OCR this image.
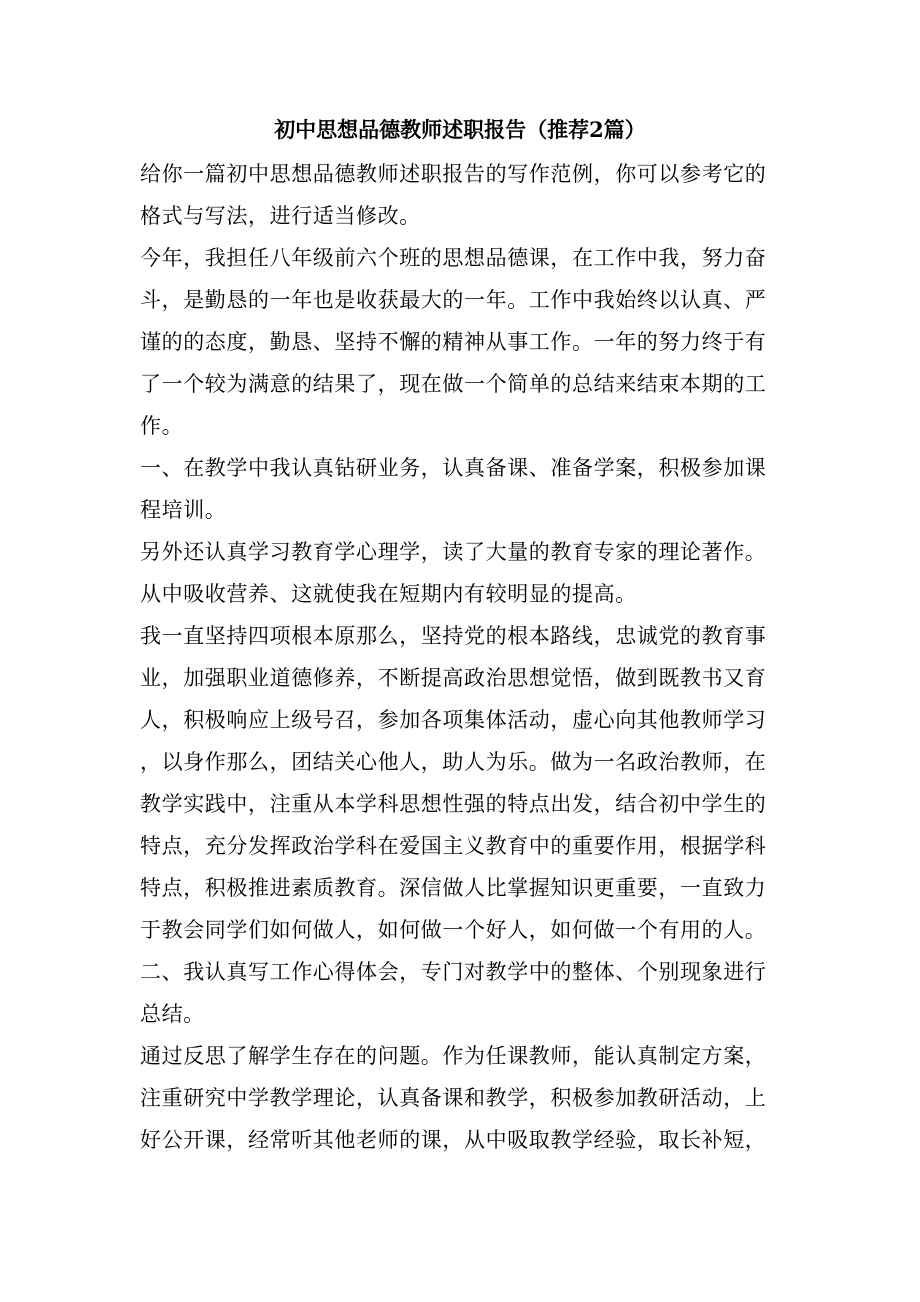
初中思想品德教师述职报告（推荐2篇）
给你一篇初中思想品德教师述职报告的写作范例，你可以参考它的
格式与写法，进行适当修改。
今年，我担任八年级前六个班的思想品德课，在工作中我，努力奋
斗，是勤恳的一年也是收获最大的一年。工作中我始终以认真、严
谨的的态度，勤恳、坚持不懈的精神从事工作。一年的努力终于有
了一个较为满意的结果了，现在做一个简单的总结来结束本期的工
作。
一、在教学中我认真钻研业务，认真备课、准备学案，积极参加课
程培训。
另外还认真学习教育学心理学，读了大量的教育专家的理论著作。
从中吸收营养、这就使我在短期内有较明显的提高。
我一直坚持四项根本原那么，坚持党的根本路线，忠诚党的教育事
业，加强职业道德修养，不断提高政治思想觉悟，做到既教书又育
人，积极响应上级号召，参加各项集体活动，虚心向其他教师学习
，以身作那么，团结关心他人，助人为乐。做为一名政治教师，在
教学实践中，注重从本学科思想性强的特点出发，结合初中学生的
特点，充分发挥政治学科在爱国主义教育中的重要作用，根据学科
特点，积极推进素质教育。深信做人比掌握知识更重要，一直致力
于教会同学们如何做人，如何做一个好人，如何做一个有用的人。
二、我认真写工作心得体会，专门对教学中的整体、个别现象进行
总结。
通过反思了解学生存在的问题。作为任课教师，能认真制定方案，
注重研究中学教学理论，认真备课和教学，积极参加教研活动，上
好公开课，经常听其他老师的课，从中吸取教学经验，取长补短，
